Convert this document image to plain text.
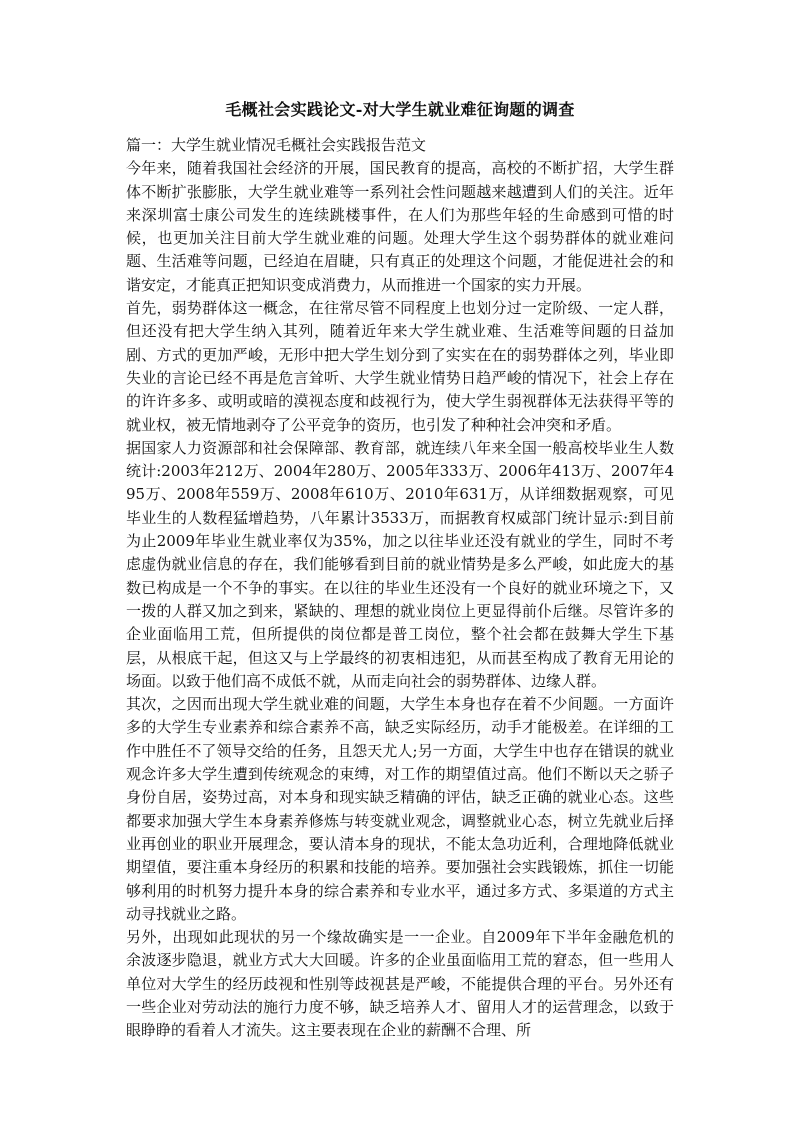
毛概社会实践论文-对大学生就业难征询题的调查

篇一：大学生就业情况毛概社会实践报告范文

今年来，随着我国社会经济的开展，国民教育的提高，高校的不断扩招，大学生群体不断扩张膨胀，大学生就业难等一系列社会性问题越来越遭到人们的关注。近年来深圳富士康公司发生的连续跳楼事件，在人们为那些年轻的生命感到可惜的时候，也更加关注目前大学生就业难的问题。处理大学生这个弱势群体的就业难问题、生活难等问题，已经迫在眉睫，只有真正的处理这个问题，才能促进社会的和谐安定，才能真正把知识变成消费力，从而推进一个国家的实力开展。

首先，弱势群体这一概念，在往常尽管不同程度上也划分过一定阶级、一定人群，但还没有把大学生纳入其列，随着近年来大学生就业难、生活难等间题的日益加剧、方式的更加严峻，无形中把大学生划分到了实实在在的弱势群体之列，毕业即失业的言论已经不再是危言耸听、大学生就业情势日趋严峻的情况下，社会上存在的许许多多、或明或暗的漠视态度和歧视行为，使大学生弱视群体无法获得平等的就业权，被无情地剥夺了公平竞争的资历，也引发了种种社会冲突和矛盾。

据国家人力资源部和社会保障部、教育部，就连续八年来全国一般高校毕业生人数统计:2003年212万、2004年280万、2005年333万、2006年413万、2007年495万、2008年559万、2008年610万、2010年631万，从详细数据观察，可见毕业生的人数程猛增趋势，八年累计3533万，而据教育权威部门统计显示:到目前为止2009年毕业生就业率仅为35%，加之以往毕业还没有就业的学生，同时不考虑虚伪就业信息的存在，我们能够看到目前的就业情势是多么严峻，如此庞大的基数已构成是一个不争的事实。在以往的毕业生还没有一个良好的就业环境之下，又一拨的人群又加之到来，紧缺的、理想的就业岗位上更显得前仆后继。尽管许多的企业面临用工荒，但所提供的岗位都是普工岗位，整个社会都在鼓舞大学生下基层，从根底干起，但这又与上学最终的初衷相违犯，从而甚至构成了教育无用论的场面。以致于他们高不成低不就，从而走向社会的弱势群体、边缘人群。

其次，之因而出现大学生就业难的间题，大学生本身也存在着不少间题。一方面许多的大学生专业素养和综合素养不高，缺乏实际经历，动手才能极差。在详细的工作中胜任不了领导交给的任务，且怨天尤人;另一方面，大学生中也存在错误的就业观念许多大学生遭到传统观念的束缚，对工作的期望值过高。他们不断以天之骄子身份自居，姿势过高，对本身和现实缺乏精确的评估，缺乏正确的就业心态。这些都要求加强大学生本身素养修炼与转变就业观念，调整就业心态，树立先就业后择业再创业的职业开展理念，要认清本身的现状，不能太急功近利，合理地降低就业期望值，要注重本身经历的积累和技能的培养。要加强社会实践锻炼，抓住一切能够利用的时机努力提升本身的综合素养和专业水平，通过多方式、多渠道的方式主动寻找就业之路。

另外，出现如此现状的另一个缘故确实是一一企业。自2009年下半年金融危机的余波逐步隐退，就业方式大大回暖。许多的企业虽面临用工荒的窘态，但一些用人单位对大学生的经历歧视和性别等歧视甚是严峻，不能提供合理的平台。另外还有一些企业对劳动法的施行力度不够，缺乏培养人才、留用人才的运营理念，以致于眼睁睁的看着人才流失。这主要表现在企业的薪酬不合理、所
